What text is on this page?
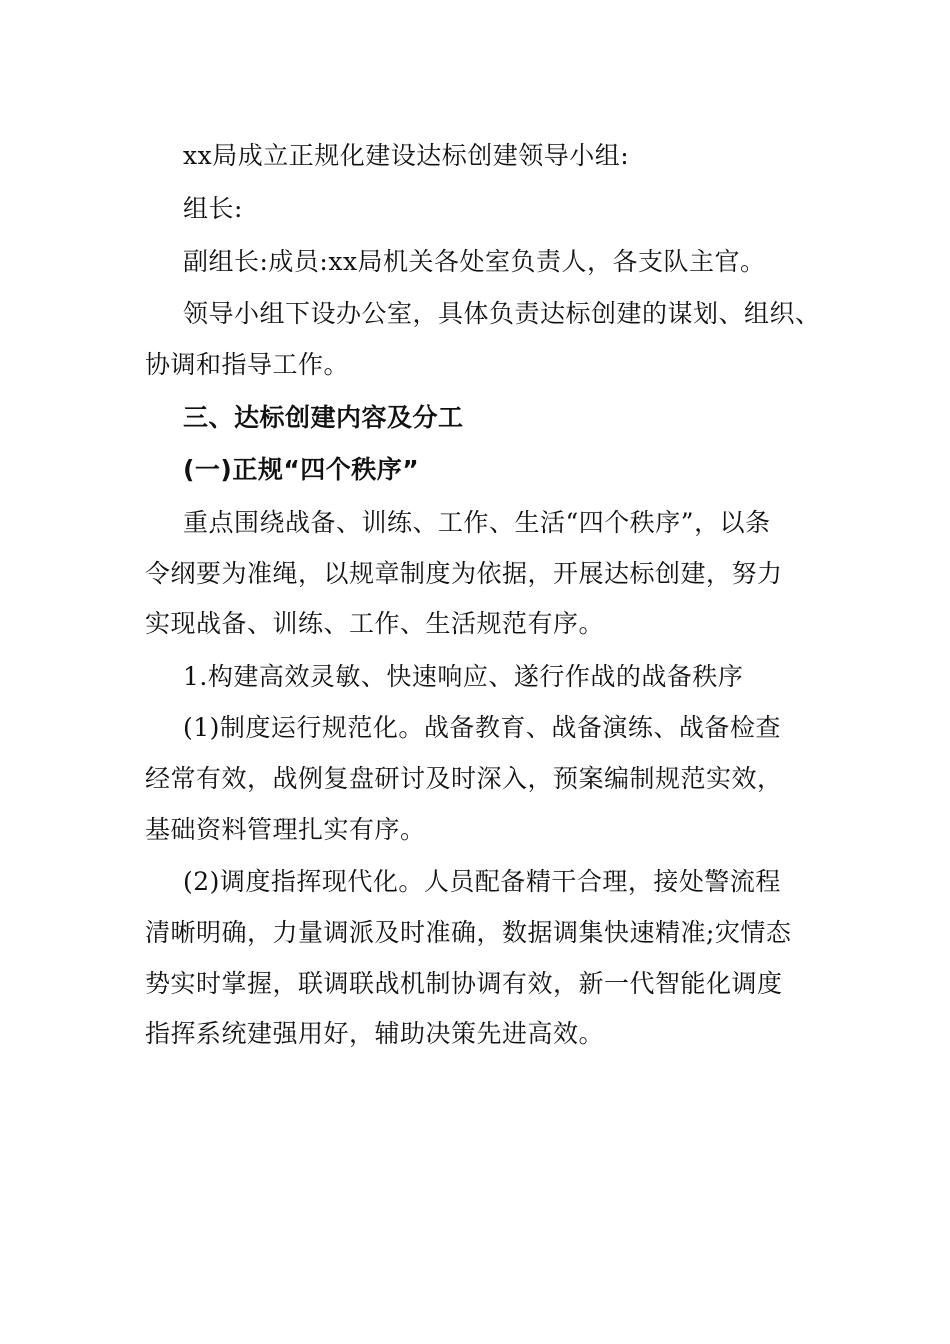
xx局成立正规化建设达标创建领导小组:
组长:
副组长:成员:xx局机关各处室负责人，各支队主官。
领导小组下设办公室，具体负责达标创建的谋划、组织、
协调和指导工作。
三、达标创建内容及分工
(一)正规“四个秩序”
重点围绕战备、训练、工作、生活“四个秩序”，以条
令纲要为准绳，以规章制度为依据，开展达标创建，努力
实现战备、训练、工作、生活规范有序。
1.构建高效灵敏、快速响应、遂行作战的战备秩序
(1)制度运行规范化。战备教育、战备演练、战备检查
经常有效，战例复盘研讨及时深入，预案编制规范实效，
基础资料管理扎实有序。
(2)调度指挥现代化。人员配备精干合理，接处警流程
清晰明确，力量调派及时准确，数据调集快速精准;灾情态
势实时掌握，联调联战机制协调有效，新一代智能化调度
指挥系统建强用好，辅助决策先进高效。
